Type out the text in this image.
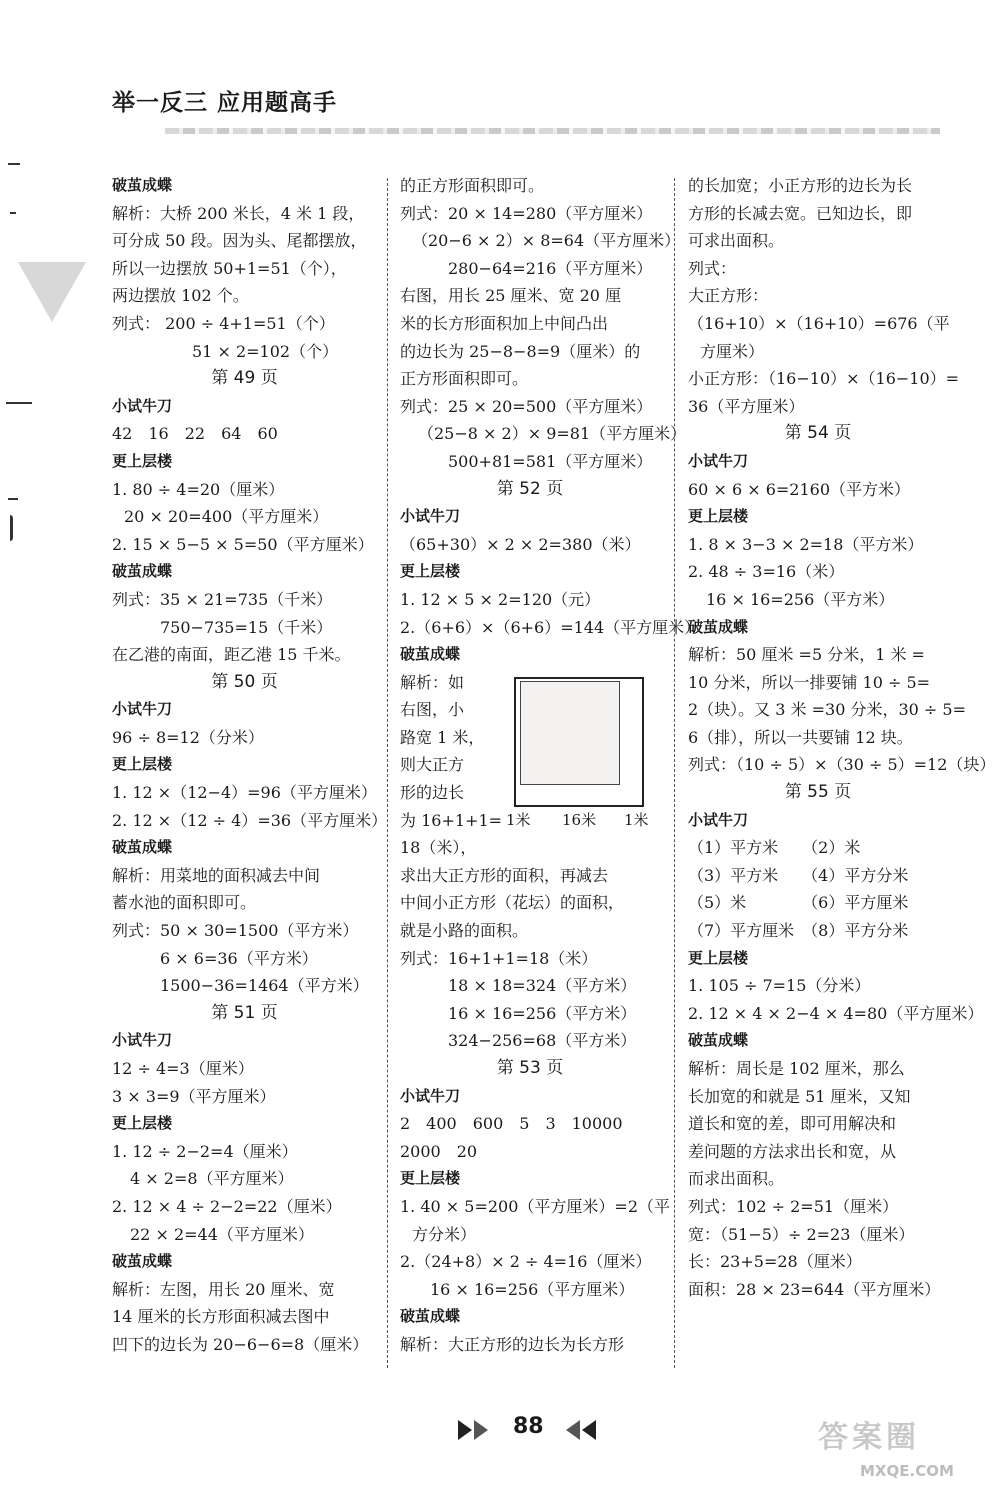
举一反三 应用题高手
破茧成蝶
解析：大桥 200 米长，4 米 1 段，
可分成 50 段。因为头、尾都摆放，
所以一边摆放 50+1=51（个），
两边摆放 102 个。
列式： 200 ÷ 4+1=51（个）
51 × 2=102（个）
第 49 页
小试牛刀
42　16　22　64　60
更上层楼
1. 80 ÷ 4=20（厘米）
20 × 20=400（平方厘米）
2. 15 × 5−5 × 5=50（平方厘米）
破茧成蝶
列式：35 × 21=735（千米）
750−735=15（千米）
在乙港的南面，距乙港 15 千米。
第 50 页
小试牛刀
96 ÷ 8=12（分米）
更上层楼
1. 12 ×（12−4）=96（平方厘米）
2. 12 ×（12 ÷ 4）=36（平方厘米）
破茧成蝶
解析：用菜地的面积减去中间
蓄水池的面积即可。
列式：50 × 30=1500（平方米）
6 × 6=36（平方米）
1500−36=1464（平方米）
第 51 页
小试牛刀
12 ÷ 4=3（厘米）
3 × 3=9（平方厘米）
更上层楼
1. 12 ÷ 2−2=4（厘米）
4 × 2=8（平方厘米）
2. 12 × 4 ÷ 2−2=22（厘米）
22 × 2=44（平方厘米）
破茧成蝶
解析：左图，用长 20 厘米、宽
14 厘米的长方形面积减去图中
凹下的边长为 20−6−6=8（厘米）
的正方形面积即可。
列式：20 × 14=280（平方厘米）
（20−6 × 2）× 8=64（平方厘米）
280−64=216（平方厘米）
右图，用长 25 厘米、宽 20 厘
米的长方形面积加上中间凸出
的边长为 25−8−8=9（厘米）的
正方形面积即可。
列式：25 × 20=500（平方厘米）
（25−8 × 2）× 9=81（平方厘米）
500+81=581（平方厘米）
第 52 页
小试牛刀
（65+30）× 2 × 2=380（米）
更上层楼
1. 12 × 5 × 2=120（元）
2.（6+6）×（6+6）=144（平方厘米）
破茧成蝶
解析：如
右图，小
路宽 1 米，
则大正方
形的边长
为 16+1+1=
18（米），
1米 16米 1米
求出大正方形的面积，再减去
中间小正方形（花坛）的面积，
就是小路的面积。
列式：16+1+1=18（米）
18 × 18=324（平方米）
16 × 16=256（平方米）
324−256=68（平方米）
第 53 页
小试牛刀
2　400　600　5　3　10000
2000　20
更上层楼
1. 40 × 5=200（平方厘米）=2（平
方分米）
2.（24+8）× 2 ÷ 4=16（厘米）
16 × 16=256（平方厘米）
破茧成蝶
解析：大正方形的边长为长方形
的长加宽；小正方形的边长为长
方形的长减去宽。已知边长，即
可求出面积。
列式：
大正方形：
（16+10）×（16+10）=676（平
方厘米）
小正方形：（16−10）×（16−10）=
36（平方厘米）
第 54 页
小试牛刀
60 × 6 × 6=2160（平方米）
更上层楼
1. 8 × 3−3 × 2=18（平方米）
2. 48 ÷ 3=16（米）
16 × 16=256（平方米）
破茧成蝶
解析：50 厘米 =5 分米，1 米 =
10 分米，所以一排要铺 10 ÷ 5=
2（块）。又 3 米 =30 分米，30 ÷ 5=
6（排），所以一共要铺 12 块。
列式：（10 ÷ 5）×（30 ÷ 5）=12（块）
第 55 页
小试牛刀
（1）平方米　　（2）米
（3）平方米　　（4）平方分米
（5）米　　　　（6）平方厘米
（7）平方厘米　（8）平方分米
更上层楼
1. 105 ÷ 7=15（分米）
2. 12 × 4 × 2−4 × 4=80（平方厘米）
破茧成蝶
解析：周长是 102 厘米，那么
长加宽的和就是 51 厘米，又知
道长和宽的差，即可用解决和
差问题的方法求出长和宽，从
而求出面积。
列式：102 ÷ 2=51（厘米）
宽：（51−5）÷ 2=23（厘米）
长：23+5=28（厘米）
面积：28 × 23=644（平方厘米）
88	答案圈
MXQE.COM
